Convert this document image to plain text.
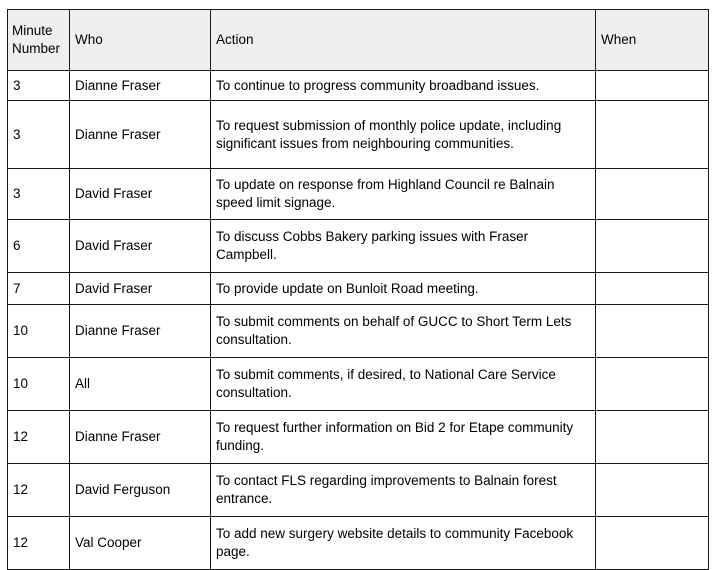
Minute Number	Who	Action	When
3	Dianne Fraser	To continue to progress community broadband issues.	
3	Dianne Fraser	To request submission of monthly police update, including significant issues from neighbouring communities.	
3	David Fraser	To update on response from Highland Council re Balnain speed limit signage.	
6	David Fraser	To discuss Cobbs Bakery parking issues with Fraser Campbell.	
7	David Fraser	To provide update on Bunloit Road meeting.	
10	Dianne Fraser	To submit comments on behalf of GUCC to Short Term Lets consultation.	
10	All	To submit comments, if desired, to National Care Service consultation.	
12	Dianne Fraser	To request further information on Bid 2 for Etape community funding.	
12	David Ferguson	To contact FLS regarding improvements to Balnain forest entrance.	
12	Val Cooper	To add new surgery website details to community Facebook page.	
